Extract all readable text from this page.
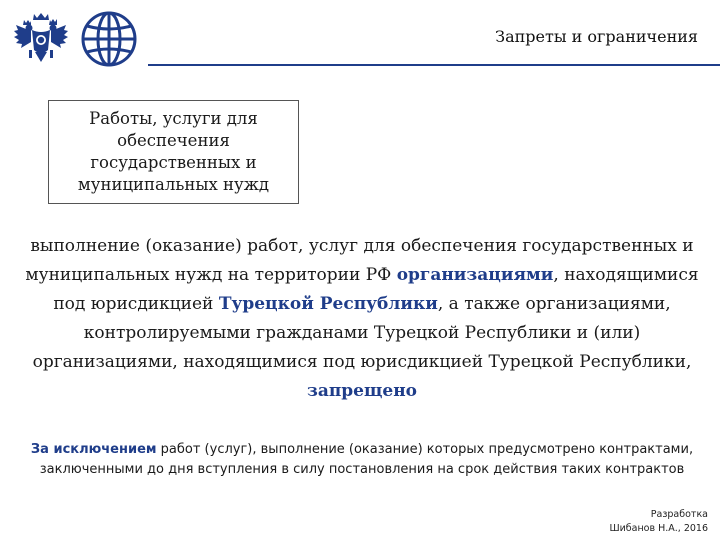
Запреты и ограничения
Работы, услуги для обеспечения государственных и муниципальных нужд
выполнение (оказание) работ, услуг для обеспечения государственных и муниципальных нужд на территории РФ организациями, находящимися под юрисдикцией Турецкой Республики, а также организациями, контролируемыми гражданами Турецкой Республики и (или) организациями, находящимися под юрисдикцией Турецкой Республики,
запрещено
За исключением работ (услуг), выполнение (оказание) которых предусмотрено контрактами, заключенными до дня вступления в силу постановления на срок действия таких контрактов
Разработка
Шибанов Н.А., 2016
